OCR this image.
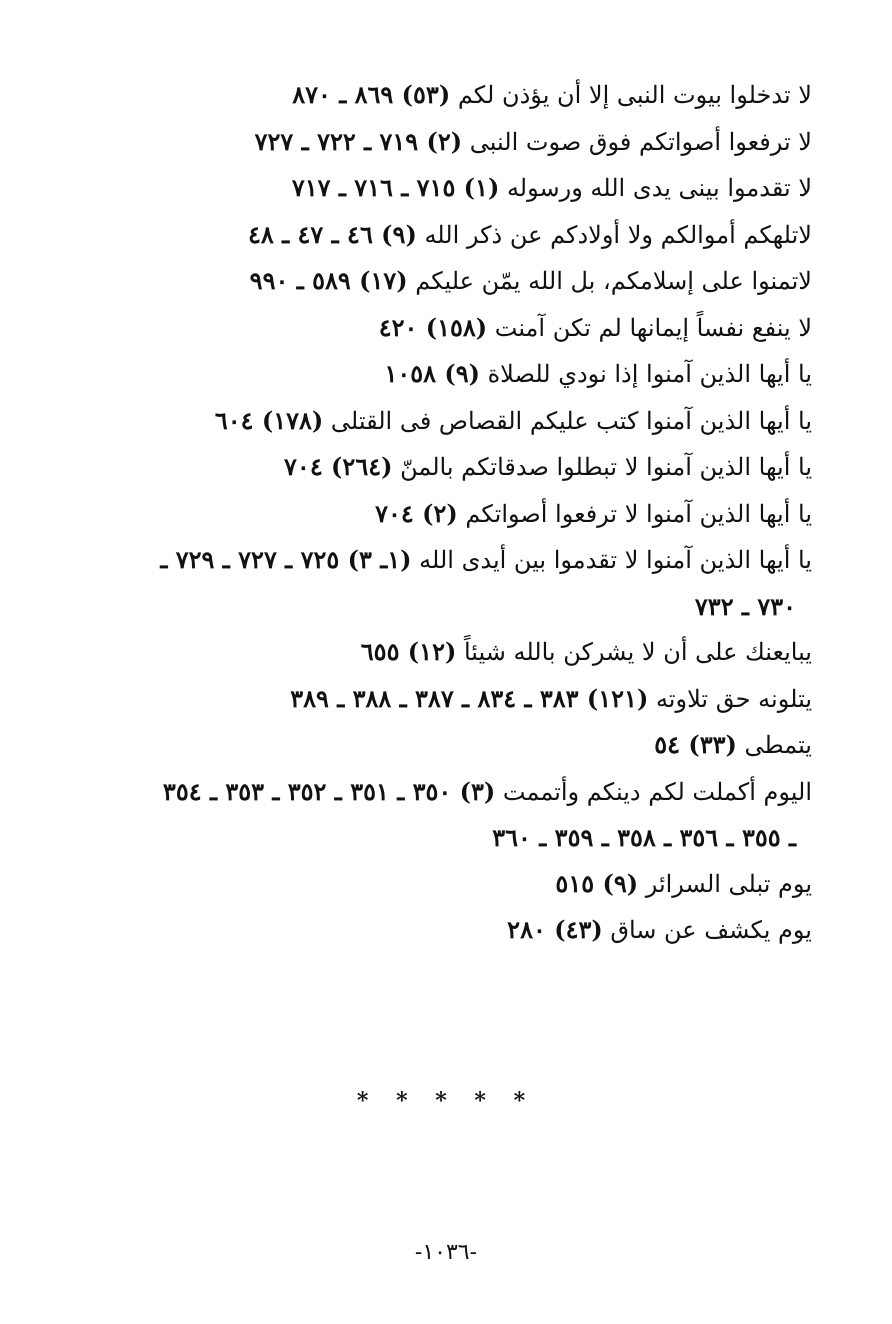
لا تدخلوا بيوت النبى إلا أن يؤذن لكم (٥٣) ٨٦٩ ـ ٨٧٠

لا ترفعوا أصواتكم فوق صوت النبى (٢) ٧١٩ ـ ٧٢٢ ـ ٧٢٧

لا تقدموا بينى يدى الله ورسوله (١) ٧١٥ ـ ٧١٦ ـ ٧١٧

لاتلهكم أموالكم ولا أولادكم عن ذكر الله (٩) ٤٦ ـ ٤٧ ـ ٤٨

لاتمنوا على إسلامكم، بل الله يمّن عليكم (١٧) ٥٨٩ ـ ٩٩٠

لا ينفع نفساً إيمانها لم تكن آمنت (١٥٨) ٤٢٠

يا أيها الذين آمنوا إذا نودي للصلاة (٩) ١٠٥٨

يا أيها الذين آمنوا كتب عليكم القصاص فى القتلى (١٧٨) ٦٠٤

يا أيها الذين آمنوا لا تبطلوا صدقاتكم بالمنّ (٢٦٤) ٧٠٤

يا أيها الذين آمنوا لا ترفعوا أصواتكم (٢) ٧٠٤

يا أيها الذين آمنوا لا تقدموا بين أيدى الله (١ـ ٣) ٧٢٥ ـ ٧٢٧ ـ ٧٢٩ ـ
٧٣٠ ـ ٧٣٢

يبايعنك على أن لا يشركن بالله شيئاً (١٢) ٦٥٥

يتلونه حق تلاوته (١٢١) ٣٨٣ ـ ٨٣٤ ـ ٣٨٧ ـ ٣٨٨ ـ ٣٨٩

يتمطى (٣٣) ٥٤

اليوم أكملت لكم دينكم وأتممت (٣) ٣٥٠ ـ ٣٥١ ـ ٣٥٢ ـ ٣٥٣ ـ ٣٥٤
ـ ٣٥٥ ـ ٣٥٦ ـ ٣٥٨ ـ ٣٥٩ ـ ٣٦٠

يوم تبلى السرائر (٩) ٥١٥

يوم يكشف عن ساق (٤٣) ٢٨٠

* * * * *
-١٠٣٦-
